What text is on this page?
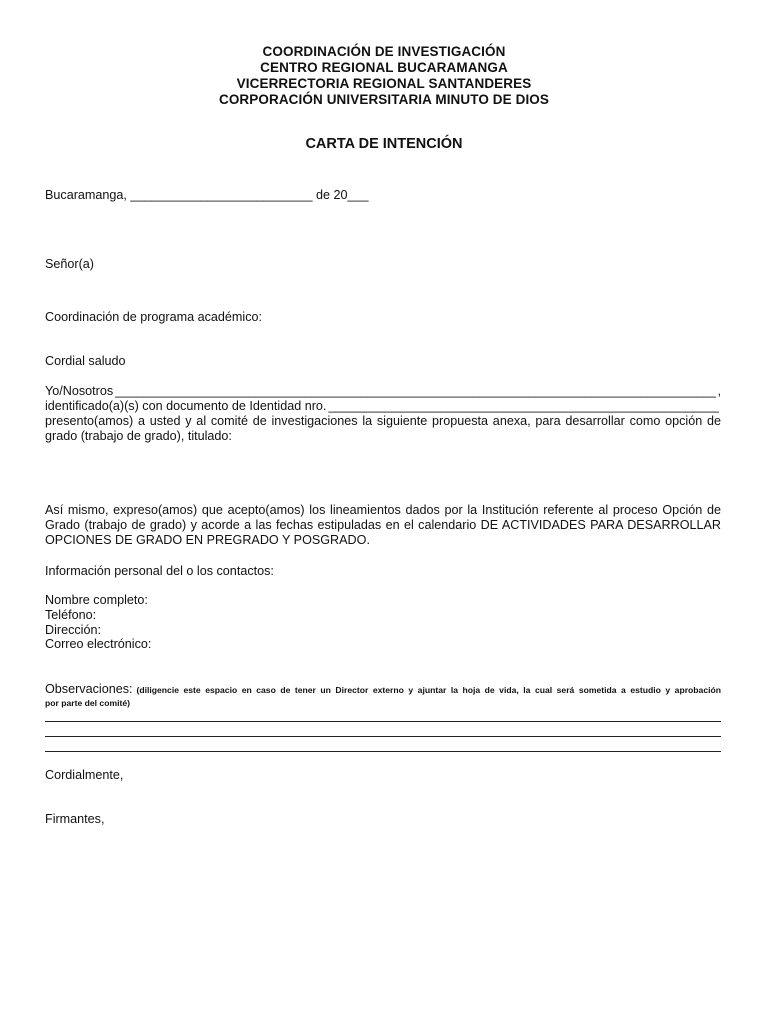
COORDINACIÓN DE INVESTIGACIÓN
CENTRO REGIONAL BUCARAMANGA
VICERRECTORIA REGIONAL SANTANDERES
CORPORACIÓN UNIVERSITARIA MINUTO DE DIOS
CARTA DE INTENCIÓN
Bucaramanga, __________________________ de 20___
Señor(a)
Coordinación de programa académico:
Cordial saludo
Yo/Nosotros
_____	,
identificado(a)(s) con documento de Identidad nro.
_____
presento(amos) a usted y al comité de investigaciones la siguiente propuesta anexa, para desarrollar como opción de
grado (trabajo de grado), titulado:
Así mismo, expreso(amos) que acepto(amos) los lineamientos dados por la Institución referente al proceso Opción de
Grado (trabajo de grado) y acorde a las fechas estipuladas en el calendario DE ACTIVIDADES PARA DESARROLLAR
OPCIONES DE GRADO EN PREGRADO Y POSGRADO.
Información personal del o los contactos:
Nombre completo:
Teléfono:
Dirección:
Correo electrónico:
Observaciones: (diligencie este espacio en caso de tener un Director externo y ajuntar la hoja de vida, la cual será sometida a estudio y aprobación
por parte del comité)
Cordialmente,
Firmantes,
